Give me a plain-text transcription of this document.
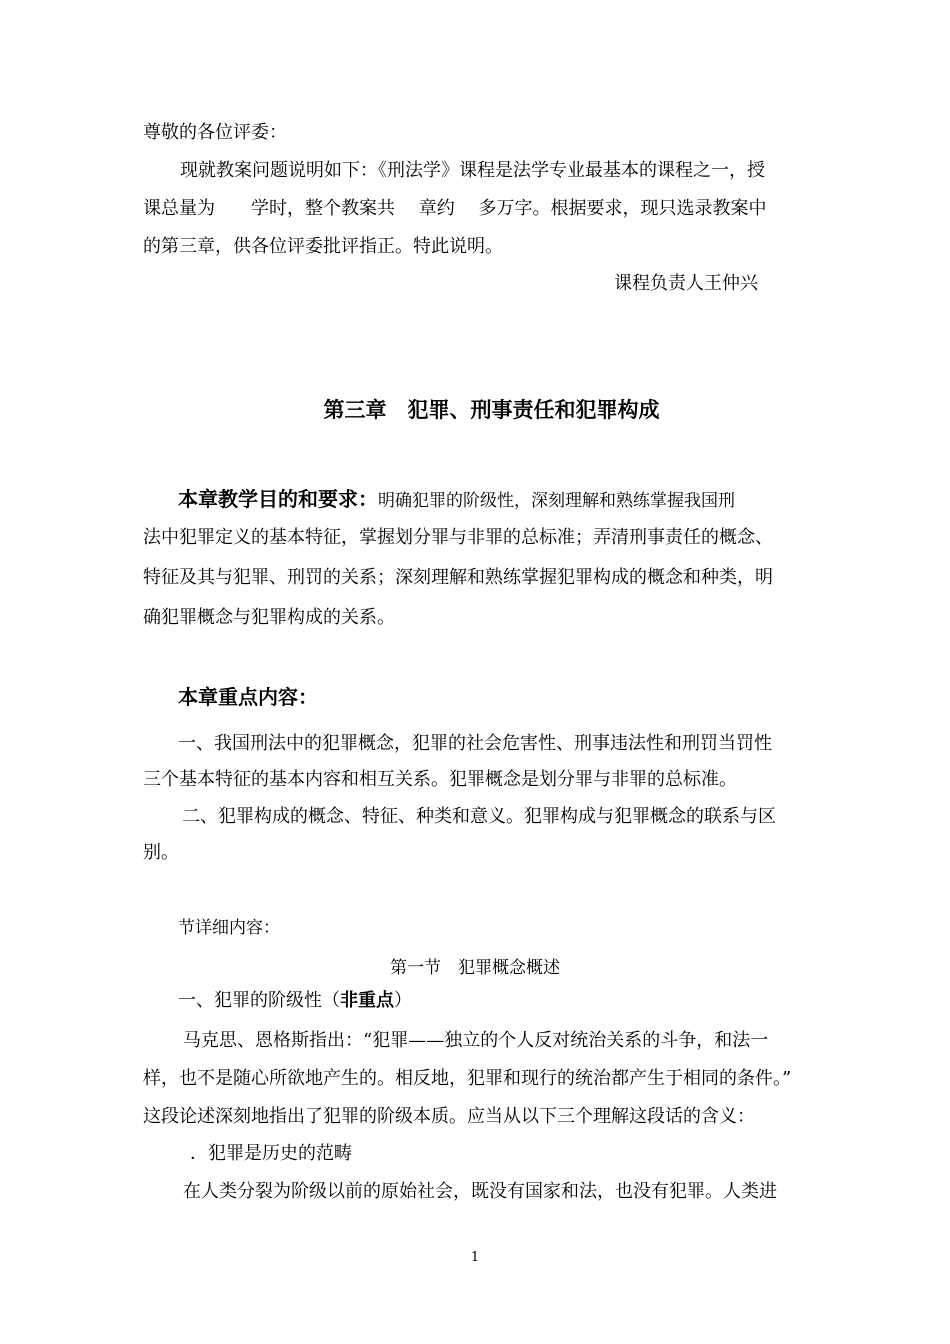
尊敬的各位评委：
现就教案问题说明如下：《刑法学》课程是法学专业最基本的课程之一，授
课总量为　　学时，整个教案共　 章约　 多万字。根据要求，现只选录教案中
的第三章，供各位评委批评指正。特此说明。
课程负责人王仲兴
第三章　犯罪、刑事责任和犯罪构成
本章教学目的和要求：明确犯罪的阶级性，深刻理解和熟练掌握我国刑
法中犯罪定义的基本特征，掌握划分罪与非罪的总标准；弄清刑事责任的概念、
特征及其与犯罪、刑罚的关系；深刻理解和熟练掌握犯罪构成的概念和种类，明
确犯罪概念与犯罪构成的关系。
本章重点内容：
一、我国刑法中的犯罪概念，犯罪的社会危害性、刑事违法性和刑罚当罚性
三个基本特征的基本内容和相互关系。犯罪概念是划分罪与非罪的总标准。
二、犯罪构成的概念、特征、种类和意义。犯罪构成与犯罪概念的联系与区
别。
节详细内容：
第一节　犯罪概念概述
一、犯罪的阶级性（非重点）
马克思、恩格斯指出：“犯罪——独立的个人反对统治关系的斗争，和法一
样，也不是随心所欲地产生的。相反地，犯罪和现行的统治都产生于相同的条件。”
这段论述深刻地指出了犯罪的阶级本质。应当从以下三个理解这段话的含义：
．犯罪是历史的范畴
在人类分裂为阶级以前的原始社会，既没有国家和法，也没有犯罪。人类进
1
